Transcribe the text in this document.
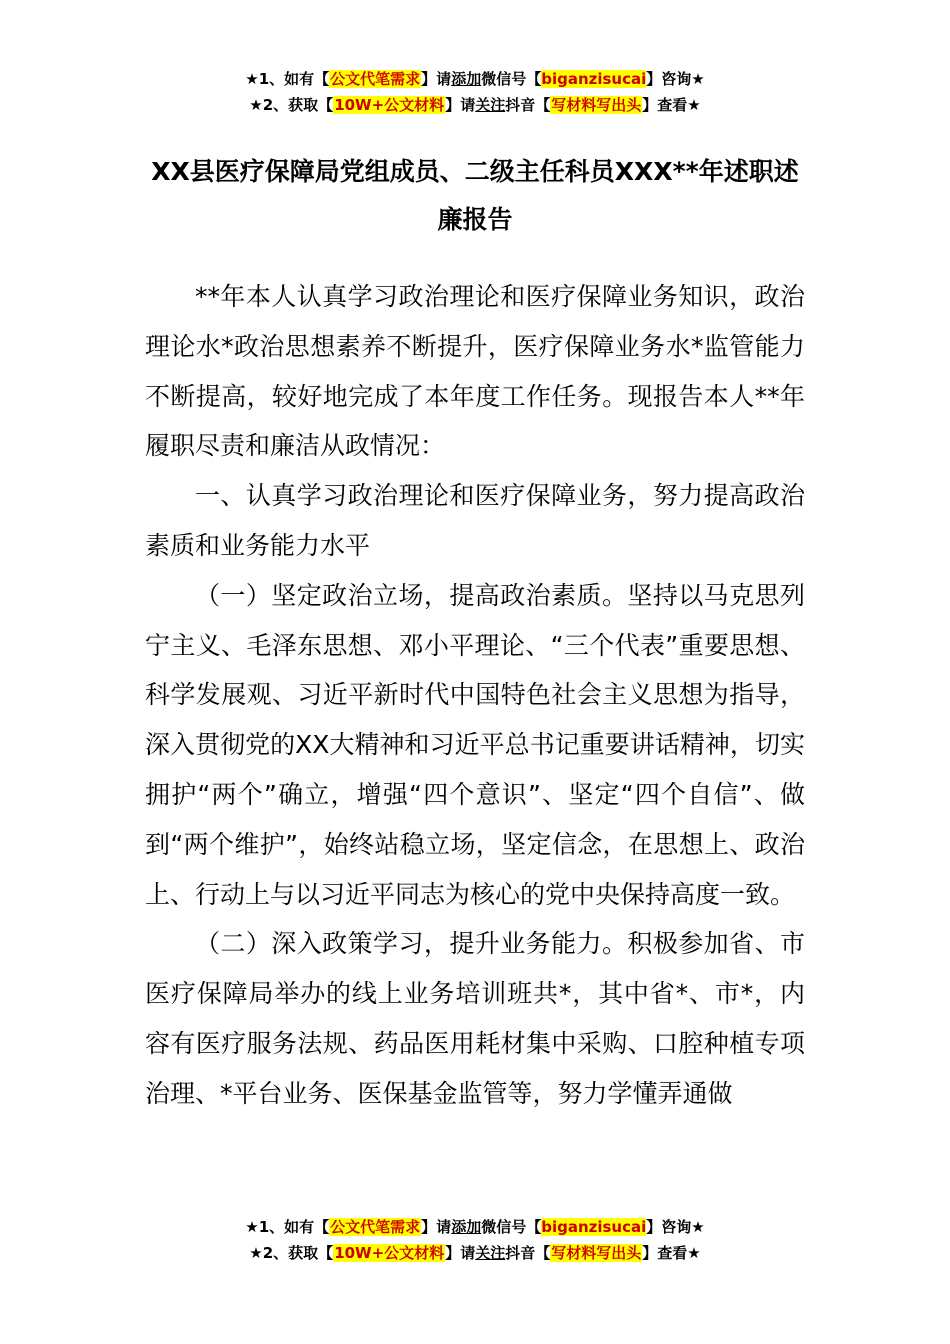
★1、如有【公文代笔需求】请添加微信号【biganzisucai】咨询★
★2、获取【10W+公文材料】请关注抖音【写材料写出头】查看★
XX县医疗保障局党组成员、二级主任科员XXX**年述职述廉报告

**年本人认真学习政治理论和医疗保障业务知识，政治理论水*政治思想素养不断提升，医疗保障业务水*监管能力不断提高，较好地完成了本年度工作任务。现报告本人**年履职尽责和廉洁从政情况：

一、认真学习政治理论和医疗保障业务，努力提高政治素质和业务能力水平

（一）坚定政治立场，提高政治素质。坚持以马克思列宁主义、毛泽东思想、邓小平理论、“三个代表”重要思想、科学发展观、习近平新时代中国特色社会主义思想为指导，深入贯彻党的XX大精神和习近平总书记重要讲话精神，切实拥护“两个”确立，增强“四个意识”、坚定“四个自信”、做到“两个维护”，始终站稳立场，坚定信念，在思想上、政治上、行动上与以习近平同志为核心的党中央保持高度一致。

（二）深入政策学习，提升业务能力。积极参加省、市医疗保障局举办的线上业务培训班共*，其中省*、市*，内容有医疗服务法规、药品医用耗材集中采购、口腔种植专项治理、*平台业务、医保基金监管等，努力学懂弄通做

★1、如有【公文代笔需求】请添加微信号【biganzisucai】咨询★
★2、获取【10W+公文材料】请关注抖音【写材料写出头】查看★
